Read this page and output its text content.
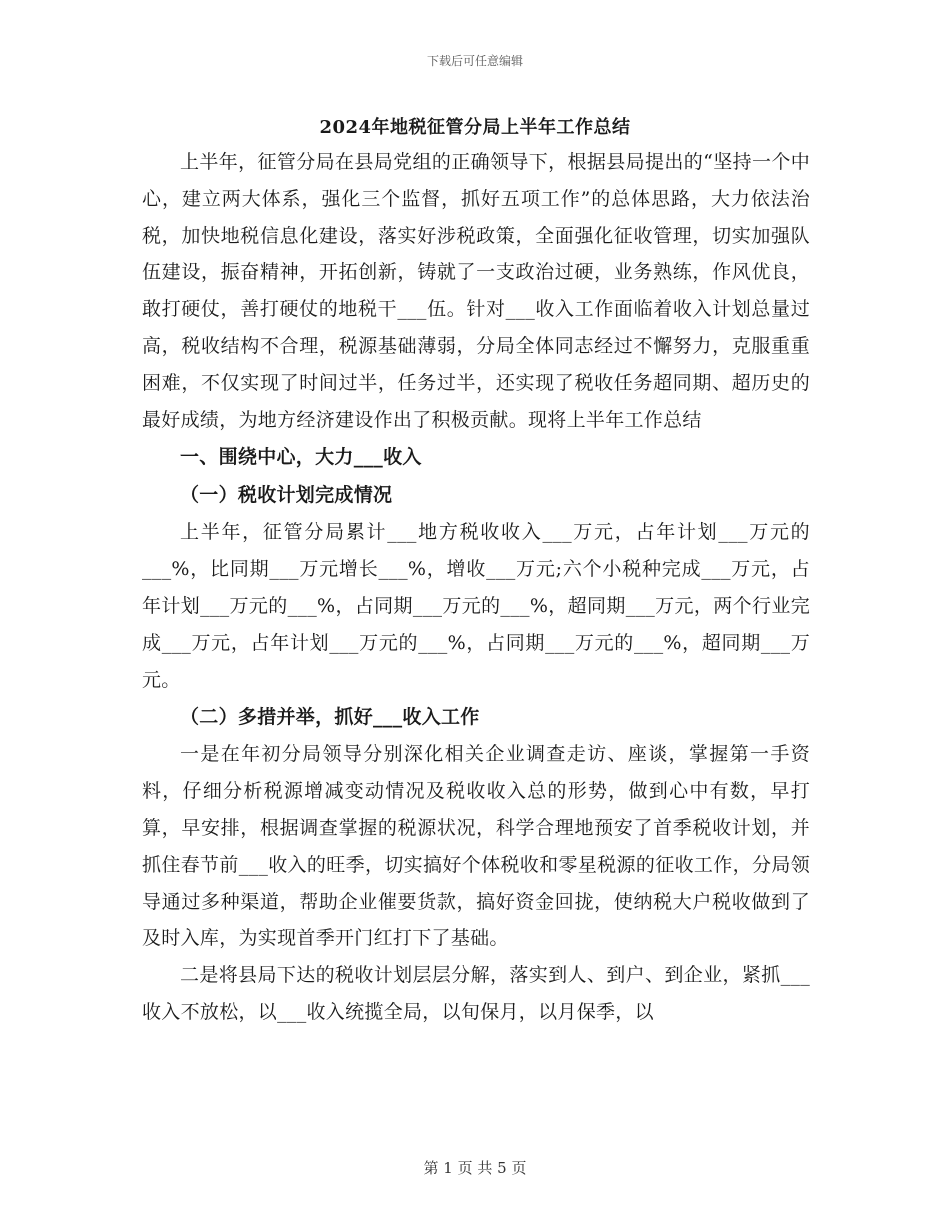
下载后可任意编辑
2024年地税征管分局上半年工作总结

上半年，征管分局在县局党组的正确领导下，根据县局提出的“坚持一个中心，建立两大体系，强化三个监督，抓好五项工作”的总体思路，大力依法治税，加快地税信息化建设，落实好涉税政策，全面强化征收管理，切实加强队伍建设，振奋精神，开拓创新，铸就了一支政治过硬，业务熟练，作风优良，敢打硬仗，善打硬仗的地税干___伍。针对___收入工作面临着收入计划总量过高，税收结构不合理，税源基础薄弱，分局全体同志经过不懈努力，克服重重困难，不仅实现了时间过半，任务过半，还实现了税收任务超同期、超历史的最好成绩，为地方经济建设作出了积极贡献。现将上半年工作总结

一、围绕中心，大力___收入

（一）税收计划完成情况

上半年，征管分局累计___地方税收收入___万元，占年计划___万元的___%，比同期___万元增长___%，增收___万元;六个小税种完成___万元，占年计划___万元的___%，占同期___万元的___%，超同期___万元，两个行业完成___万元，占年计划___万元的___%，占同期___万元的___%，超同期___万元。

（二）多措并举，抓好___收入工作

一是在年初分局领导分别深化相关企业调查走访、座谈，掌握第一手资料，仔细分析税源增减变动情况及税收收入总的形势，做到心中有数，早打算，早安排，根据调查掌握的税源状况，科学合理地预安了首季税收计划，并抓住春节前___收入的旺季，切实搞好个体税收和零星税源的征收工作，分局领导通过多种渠道，帮助企业催要货款，搞好资金回拢，使纳税大户税收做到了及时入库，为实现首季开门红打下了基础。

二是将县局下达的税收计划层层分解，落实到人、到户、到企业，紧抓___收入不放松，以___收入统揽全局，以旬保月，以月保季，以

第 1 页 共 5 页
